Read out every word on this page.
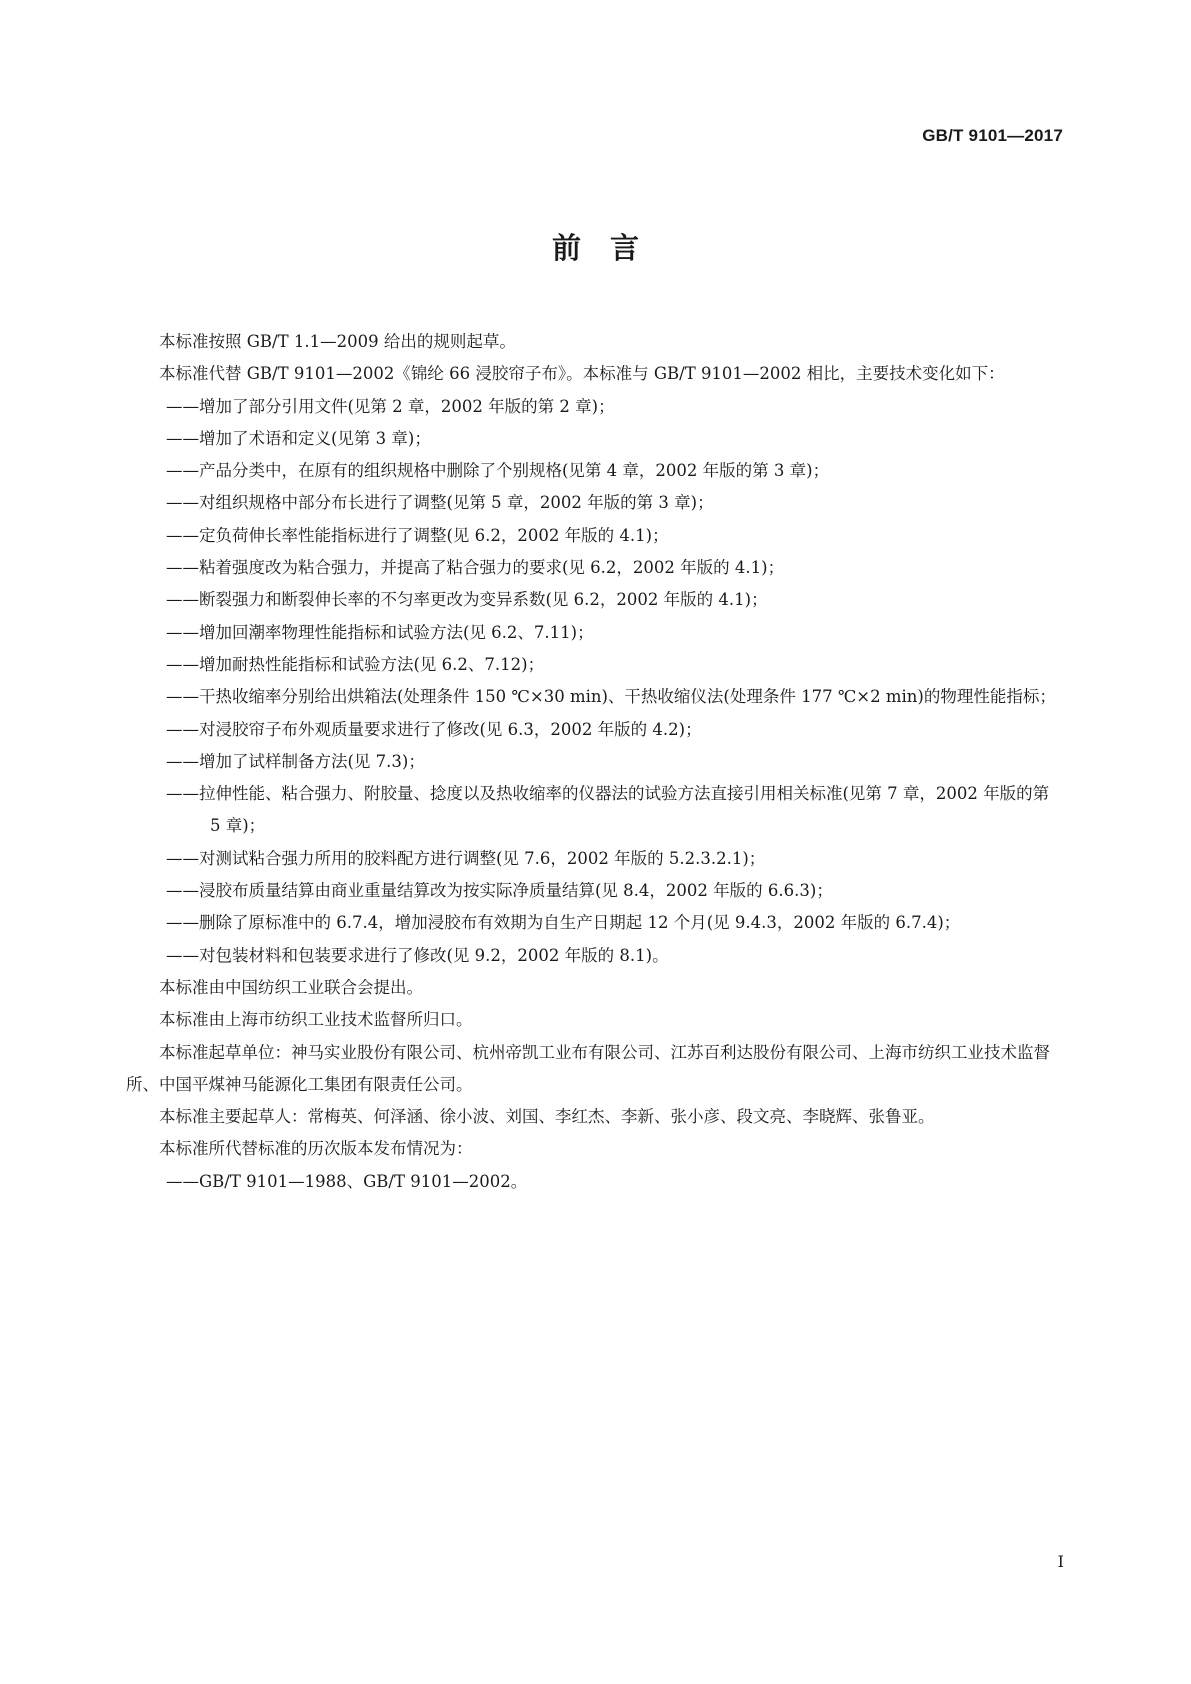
GB/T 9101—2017
前　言

本标准按照 GB/T 1.1—2009 给出的规则起草。

本标准代替 GB/T 9101—2002《锦纶 66 浸胶帘子布》。本标准与 GB/T 9101—2002 相比，主要技术变化如下：

——增加了部分引用文件(见第 2 章，2002 年版的第 2 章)；

——增加了术语和定义(见第 3 章)；

——产品分类中，在原有的组织规格中删除了个别规格(见第 4 章，2002 年版的第 3 章)；

——对组织规格中部分布长进行了调整(见第 5 章，2002 年版的第 3 章)；

——定负荷伸长率性能指标进行了调整(见 6.2，2002 年版的 4.1)；

——粘着强度改为粘合强力，并提高了粘合强力的要求(见 6.2，2002 年版的 4.1)；

——断裂强力和断裂伸长率的不匀率更改为变异系数(见 6.2，2002 年版的 4.1)；

——增加回潮率物理性能指标和试验方法(见 6.2、7.11)；

——增加耐热性能指标和试验方法(见 6.2、7.12)；

——干热收缩率分别给出烘箱法(处理条件 150 ℃×30 min)、干热收缩仪法(处理条件 177 ℃×2 min)的物理性能指标；

——对浸胶帘子布外观质量要求进行了修改(见 6.3，2002 年版的 4.2)；

——增加了试样制备方法(见 7.3)；

——拉伸性能、粘合强力、附胶量、捻度以及热收缩率的仪器法的试验方法直接引用相关标准(见第 7 章，2002 年版的第 5 章)；

——对测试粘合强力所用的胶料配方进行调整(见 7.6，2002 年版的 5.2.3.2.1)；

——浸胶布质量结算由商业重量结算改为按实际净质量结算(见 8.4，2002 年版的 6.6.3)；

——删除了原标准中的 6.7.4，增加浸胶布有效期为自生产日期起 12 个月(见 9.4.3，2002 年版的 6.7.4)；

——对包装材料和包装要求进行了修改(见 9.2，2002 年版的 8.1)。

本标准由中国纺织工业联合会提出。

本标准由上海市纺织工业技术监督所归口。

本标准起草单位：神马实业股份有限公司、杭州帝凯工业布有限公司、江苏百利达股份有限公司、上海市纺织工业技术监督所、中国平煤神马能源化工集团有限责任公司。

本标准主要起草人：常梅英、何泽涵、徐小波、刘国、李红杰、李新、张小彦、段文亮、李晓辉、张鲁亚。

本标准所代替标准的历次版本发布情况为：

——GB/T 9101—1988、GB/T 9101—2002。

I
